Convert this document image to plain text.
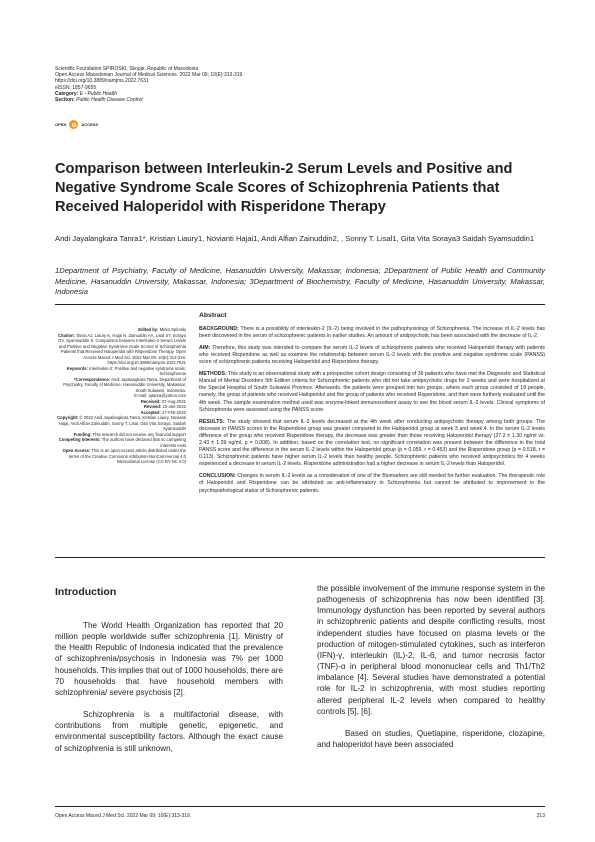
Scientific Foundation SPIROSKI, Skopje, Republic of Macedonia
Open Access Macedonian Journal of Medical Sciences. 2022 Mar 09; 10(E):313-319.
https://doi.org/10.3889/oamjms.2022.7631
eISSN: 1857-9655
Category: E - Public Health
Section: Public Health Disease Control
OPEN	ACCESS
Comparison between Interleukin-2 Serum Levels and Positive and Negative Syndrome Scale Scores of Schizophrenia Patients that Received Haloperidol with Risperidone Therapy
Andi Jayalangkara Tanra1*, Kristian Liaury1, Novianti Hajai1, Andi Alfian Zainuddin2, , Sonny T. Lisal1, Gita Vita Soraya3 Saidah Syamsuddin1
1Department of Psychiatry, Faculty of Medicine, Hasanuddin University, Makassar, Indonesia; 2Department of Public Health and Community Medicine, Hasanuddin University, Makassar, Indonesia; 3Department of Biochemistry, Faculty of Medicine, Hasanuddin University, Makassar, Indonesia
Abstract

BACKGROUND: There is a possibility of interleukin-2 (IL-2) being involved in the pathophysiology of Schizophrenia. The increase of IL-2 levels has been discovered in the serum of schizophrenic patients in earlier studies. An amount of antipsychotic has been associated with the decrease of IL-2.

AIM: Therefore, this study was intended to compare the serum IL-2 levels of schizophrenic patients who received Haloperidol therapy with patients who received Risperidone as well as examine the relationship between serum IL-2 levels with the positive and negative syndrome scale (PANSS) score of schizophrenic patients receiving Haloperidol and Risperidone therapy.

METHODS: This study is an observational study with a prospective cohort design consisting of 36 patients who have met the Diagnostic and Statistical Manual of Mental Disorders 5th Edition criteria for Schizophrenic patients who did not take antipsychotic drugs for 2 weeks and were hospitalized at the Special Hospital of South Sulawesi Province. Afterwards, the patients were grouped into two groups, where each group consisted of 18 people, namely, the group of patients who received Haloperidol and the group of patients who received Risperidone, and then were furtherly evaluated until the 4th week. The sample examination method used was enzyme-linked immunosorbent assay to see the blood serum IL-2 levels. Clinical symptoms of Schizophrenia were assessed using the PANSS score.

RESULTS: The study showed that serum IL-2 levels decreased at the 4th week after conducting antipsychotic therapy among both groups. The decrease in PANSS scores in the Risperidone group was greater compared to the Haloperidol group at week 3 and week 4. In the serum IL-2 levels difference of the group who received Risperidone therapy, the decrease was greater than those receiving Haloperidol therapy (37.2 ± 1.30 ng/ml vs. 2.43 ± 1.39 ng/ml, p = 0.008). In addition, based on the correlation test, no significant correlation was present between the difference in the total PANSS score and the difference in the serum IL-2 levels within the Haloperidol group (p = 0.059, r = 0.453) and the Risperidone group (p = 0.518, r = 0.113). Schizophrenic patients have higher serum IL-2 levels than healthy people. Schizophrenic patients who received antipsychotics for 4 weeks experienced a decrease in serum IL-2 levels. Risperidone administration had a higher decrease in serum IL-2 levels than Haloperidol.

CONCLUSION: Changes in serum IL-2 levels as a consideration of one of the Biomarkers are still needed for further evaluation. The therapeutic role of Haloperidol and Risperidone can be attributed as anti-inflammatory in Schizophrenia but cannot be attributed to improvement in the psychopathological status of Schizophrenic patients.

Edited by: Mirko Spiroski

Citation: Tanra AJ, Liaury K, Hajai N, Zainuddin AA, Lisal ST, Soraya GV, Syamsuddin S. Comparison between Interleukin-2 Serum Levels and Positive and Negative Syndrome Scale Scores of Schizophrenia Patients that Received Haloperidol with Risperidone Therapy. Open Access Maced J Med Sci. 2022 Mar 09; 10(E):313-319. https://doi.org/10.3889/oamjms.2022.7631

Keywords: Interleukin-2; Positive and negative syndrome scale; Schizophrenia

*Correspondence: Andi Jayalangkara Tanra, Department of Psychiatry, Faculty of Medicine, Hasanuddin University, Makassar, South Sulawesi, Indonesia.

E-mail: ajtanra@yahoo.com

Received: 07-Aug-2021

Revised: 22-Jan-2022

Accepted: 27-Feb-2022

Copyright: © 2022 Andi Jayalangkara Tanra, Kristian Liaury, Novianti Hajai, Andi Alfian Zainuddin, Sonny T. Lisal, Gita Vita Soraya, Saidah Syamsuddin

Funding: This research did not receive any financial support

Competing Interests: The authors have declared that no competing interests exist

Open Access: This is an open-access article distributed under the terms of the Creative Commons Attribution-NonCommercial 4.0 International License (CC BY-NC 4.0)

Introduction

The World Health Organization has reported that 20 million people worldwide suffer schizophrenia [1]. Ministry of the Health Republic of Indonesia indicated that the prevalence of schizophrenia/psychosis in Indonesia was 7% per 1000 households. This implies that out of 1000 households, there are 70 households that have household members with schizophrenia/ severe psychosis [2].

Schizophrenia is a multifactorial disease, with contributions from multiple genetic, epigenetic, and environmental susceptibility factors. Although the exact cause of schizophrenia is still unknown,

the possible involvement of the immune response system in the pathogenesis of schizophrenia has now been identified [3]. Immunology dysfunction has been reported by several authors in schizophrenic patients and despite conflicting results, most independent studies have focused on plasma levels or the production of mitogen-stimulated cytokines, such as interferon (IFN)-γ, interleukin (IL)-2, IL-6, and tumor necrosis factor (TNF)-α in peripheral blood mononuclear cells and Th1/Th2 imbalance [4]. Several studies have demonstrated a potential role for IL-2 in schizophrenia, with most studies reporting altered peripheral IL-2 levels when compared to healthy controls [5], [6].

Based on studies, Quetiapine, risperidone, clozapine, and haloperidol have been associated

Open Access Maced J Med Sci. 2022 Mar 09; 10(E):313-319.	313
